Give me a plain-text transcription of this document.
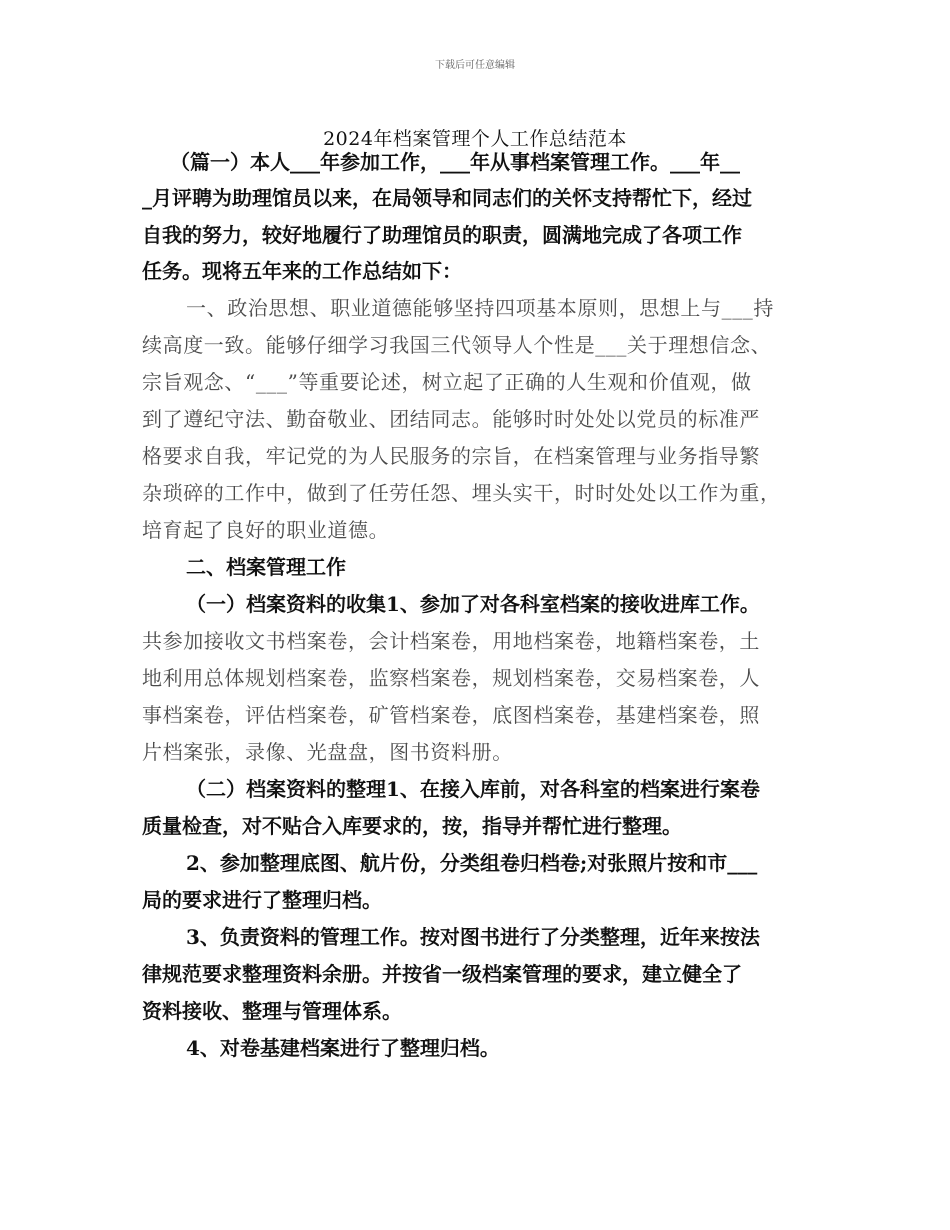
下载后可任意编辑
2024年档案管理个人工作总结范本
（篇一）本人___年参加工作，___年从事档案管理工作。___年__
_月评聘为助理馆员以来，在局领导和同志们的关怀支持帮忙下，经过
自我的努力，较好地履行了助理馆员的职责，圆满地完成了各项工作
任务。现将五年来的工作总结如下：
一、政治思想、职业道德能够坚持四项基本原则，思想上与___持
续高度一致。能够仔细学习我国三代领导人个性是___关于理想信念、
宗旨观念、“___”等重要论述，树立起了正确的人生观和价值观，做
到了遵纪守法、勤奋敬业、团结同志。能够时时处处以党员的标准严
格要求自我，牢记党的为人民服务的宗旨，在档案管理与业务指导繁
杂琐碎的工作中，做到了任劳任怨、埋头实干，时时处处以工作为重，
培育起了良好的职业道德。
二、档案管理工作
（一）档案资料的收集1、参加了对各科室档案的接收进库工作。
共参加接收文书档案卷，会计档案卷，用地档案卷，地籍档案卷，土
地利用总体规划档案卷，监察档案卷，规划档案卷，交易档案卷，人
事档案卷，评估档案卷，矿管档案卷，底图档案卷，基建档案卷，照
片档案张，录像、光盘盘，图书资料册。
（二）档案资料的整理1、在接入库前，对各科室的档案进行案卷
质量检查，对不贴合入库要求的，按，指导并帮忙进行整理。
2、参加整理底图、航片份，分类组卷归档卷;对张照片按和市___
局的要求进行了整理归档。
3、负责资料的管理工作。按对图书进行了分类整理，近年来按法
律规范要求整理资料余册。并按省一级档案管理的要求，建立健全了
资料接收、整理与管理体系。
4、对卷基建档案进行了整理归档。
